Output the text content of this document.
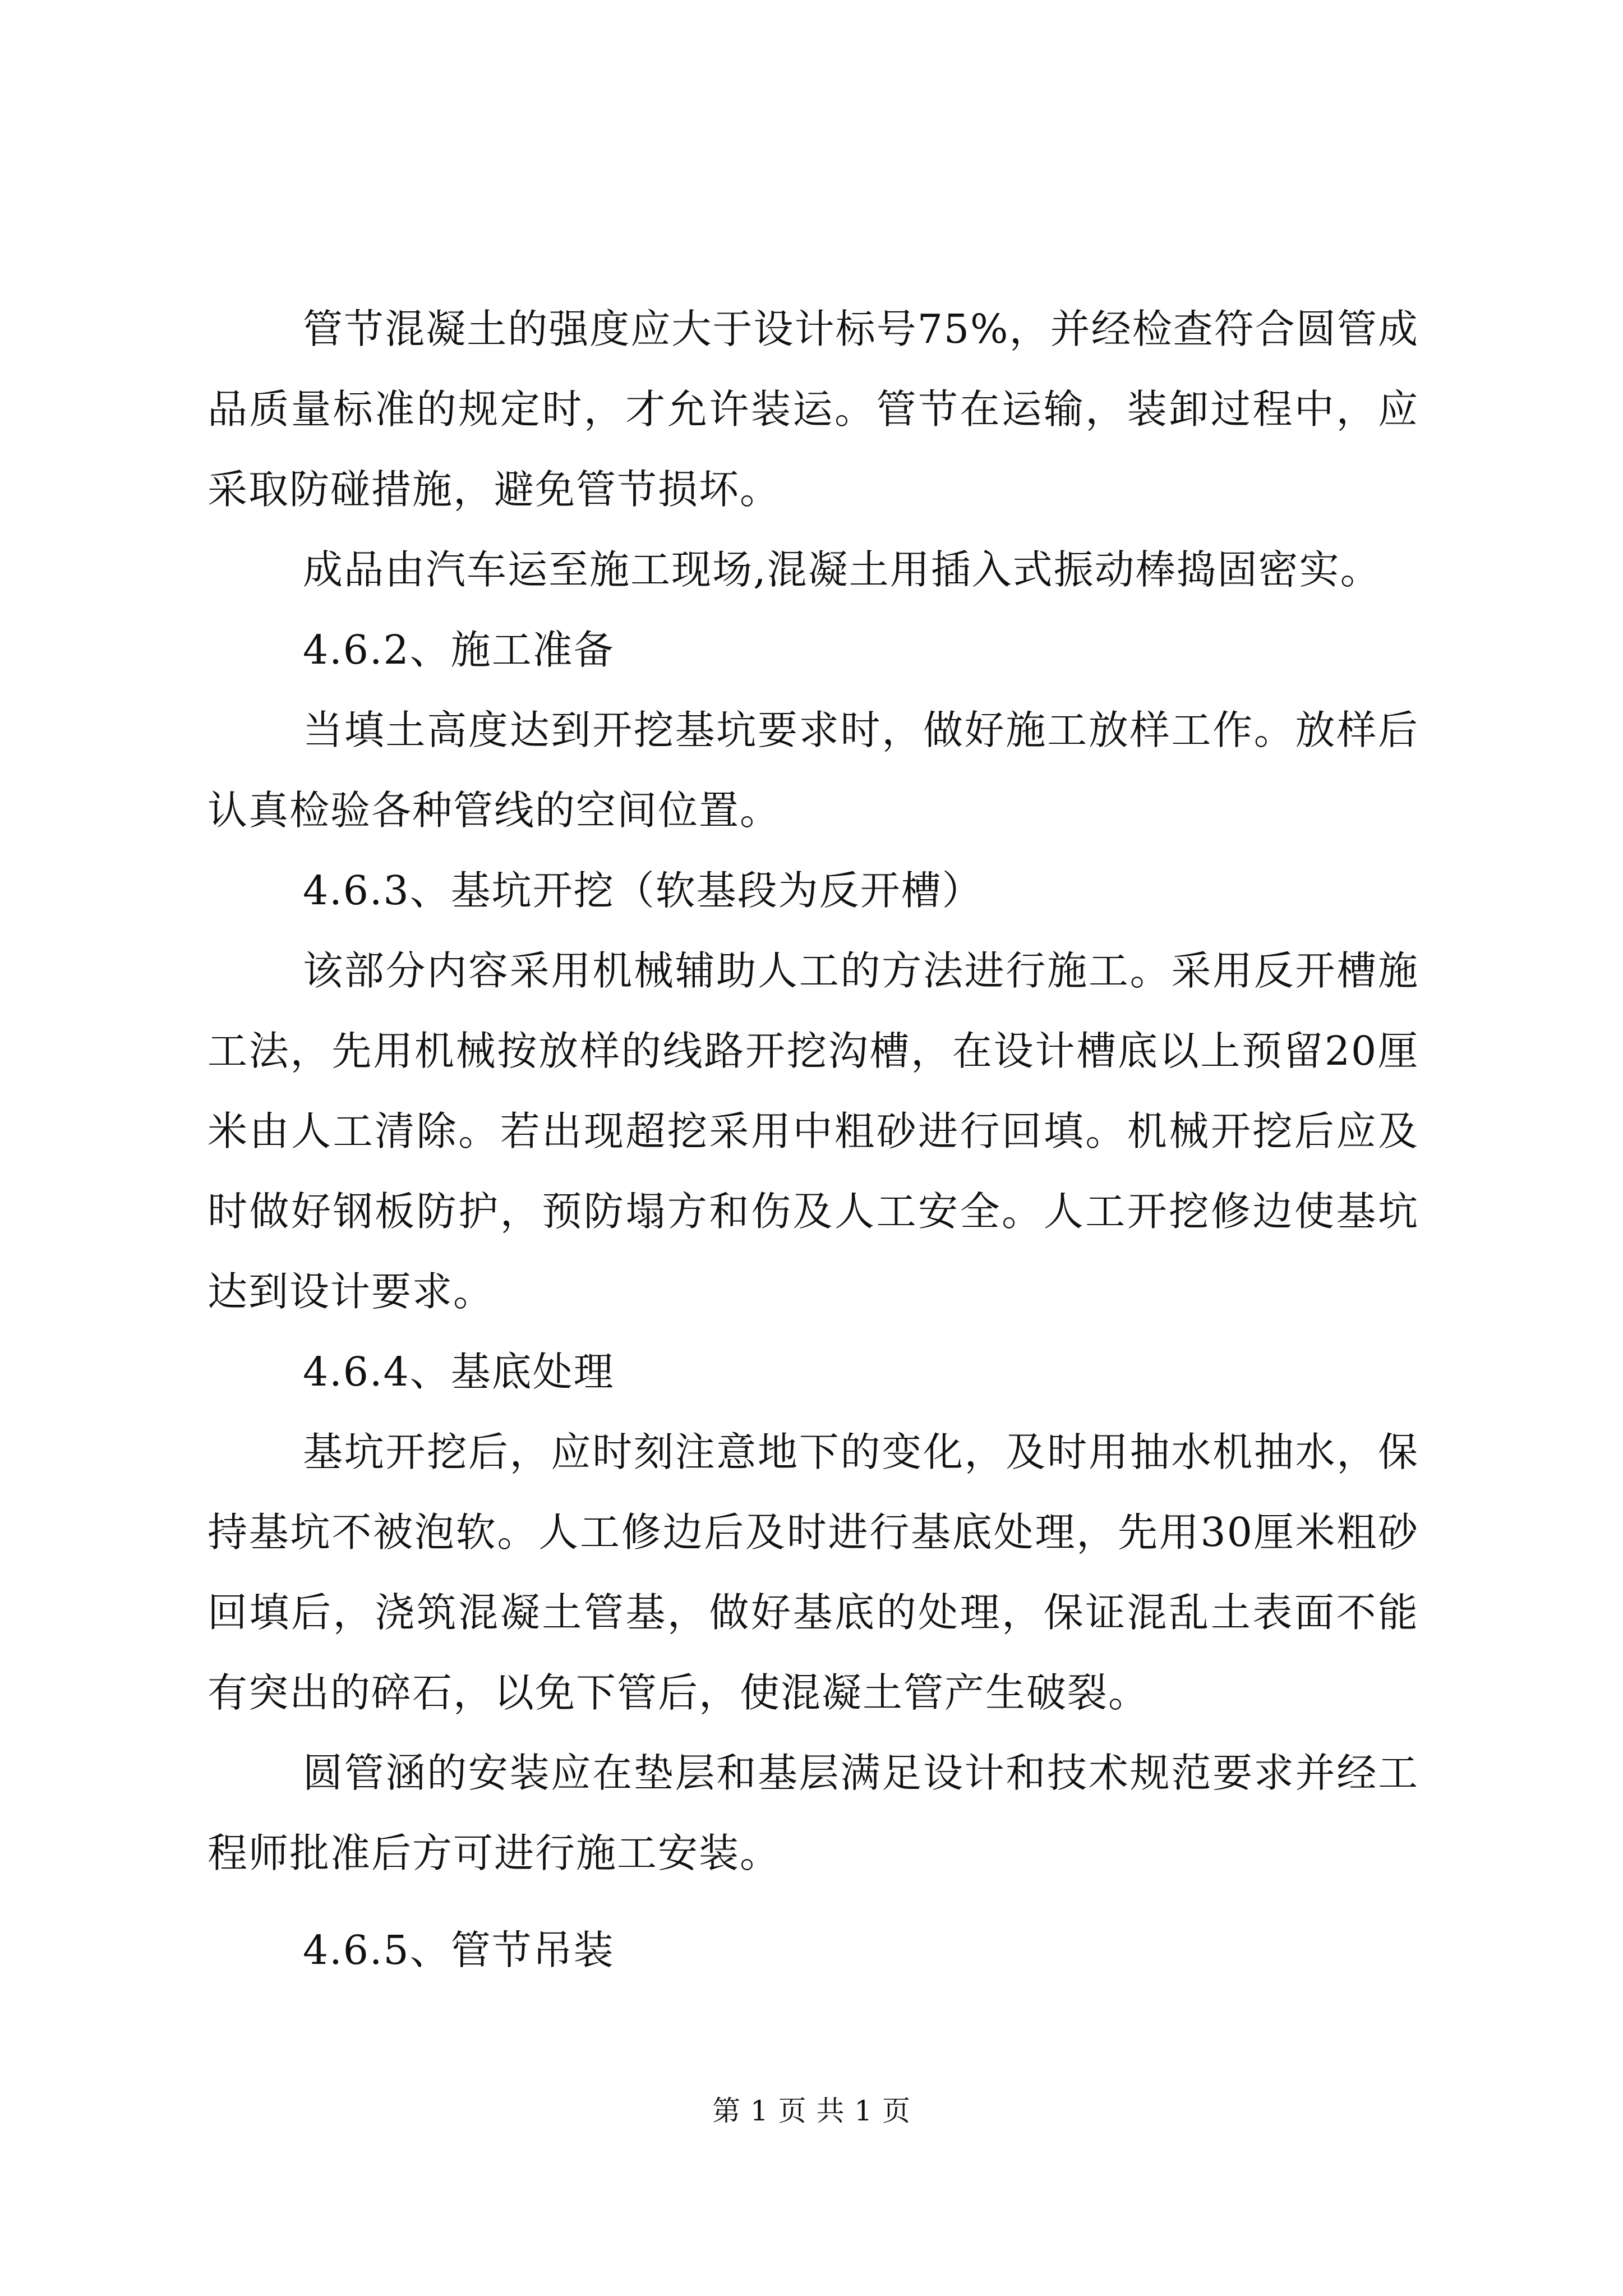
管节混凝土的强度应大于设计标号75%，并经检查符合圆管成品质量标准的规定时，才允许装运。管节在运输，装卸过程中，应采取防碰措施，避免管节损坏。

成品由汽车运至施工现场,混凝土用插入式振动棒捣固密实。

4.6.2、施工准备

当填土高度达到开挖基坑要求时，做好施工放样工作。放样后认真检验各种管线的空间位置。

4.6.3、基坑开挖（软基段为反开槽）

该部分内容采用机械辅助人工的方法进行施工。采用反开槽施工法，先用机械按放样的线路开挖沟槽，在设计槽底以上预留20厘米由人工清除。若出现超挖采用中粗砂进行回填。机械开挖后应及时做好钢板防护，预防塌方和伤及人工安全。人工开挖修边使基坑达到设计要求。

4.6.4、基底处理

基坑开挖后，应时刻注意地下的变化，及时用抽水机抽水，保持基坑不被泡软。人工修边后及时进行基底处理，先用30厘米粗砂回填后，浇筑混凝土管基，做好基底的处理，保证混乱土表面不能有突出的碎石，以免下管后，使混凝土管产生破裂。

圆管涵的安装应在垫层和基层满足设计和技术规范要求并经工程师批准后方可进行施工安装。

4.6.5、管节吊装

第 1 页 共 1 页
